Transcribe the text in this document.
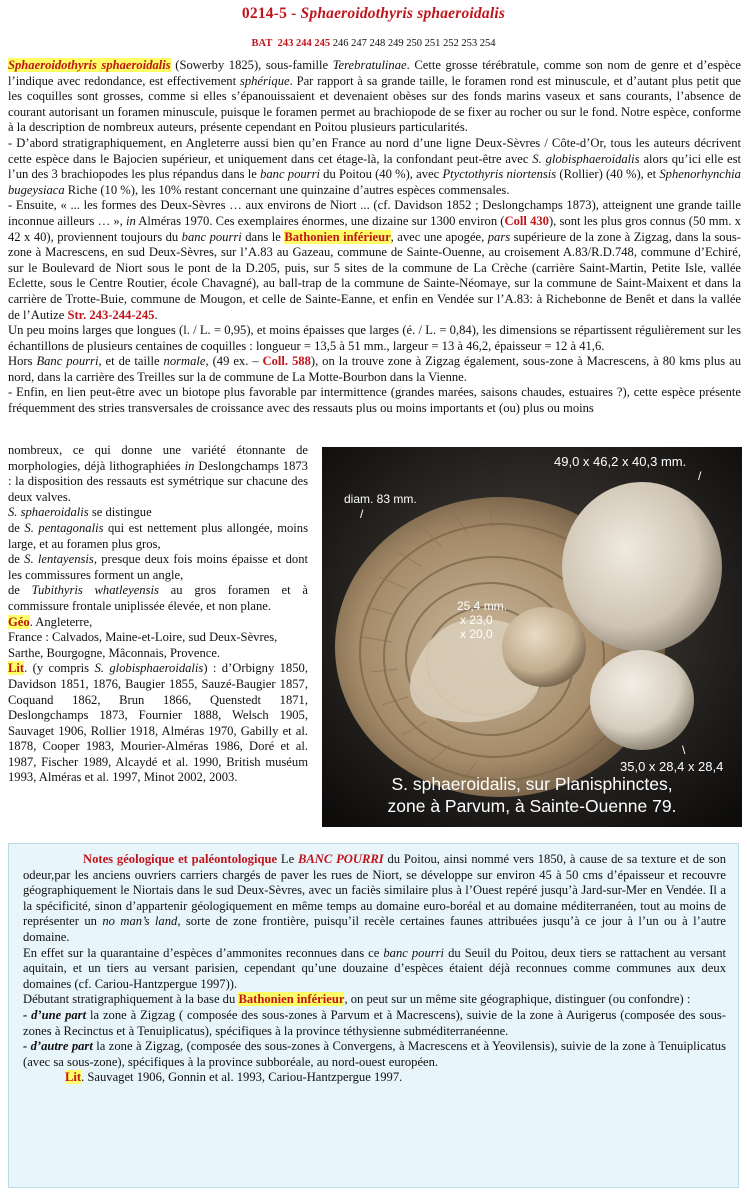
0214-5 - Sphaeroidothyris sphaeroidalis
BAT 243 244 245 246 247 248 249 250 251 252 253 254

Sphaeroidothyris sphaeroidalis (Sowerby 1825), sous-famille Terebratulinae. Cette grosse térébratule, comme son nom de genre et d’espèce l’indique avec redondance, est effectivement sphérique. Par rapport à sa grande taille, le foramen rond est minuscule, et d’autant plus petit que les coquilles sont grosses, comme si elles s’épanouissaient et devenaient obèses sur des fonds marins vaseux et sans courants, l’absence de courant autorisant un foramen minuscule, puisque le foramen permet au brachiopode de se fixer au rocher ou sur le fond. Notre espèce, conforme à la description de nombreux auteurs, présente cependant en Poitou plusieurs particularités.

- D’abord stratigraphiquement, en Angleterre aussi bien qu’en France au nord d’une ligne Deux-Sèvres / Côte-d’Or, tous les auteurs décrivent cette espèce dans le Bajocien supérieur, et uniquement dans cet étage-là, la confondant peut-être avec S. globisphaeroidalis alors qu’ici elle est l’un des 3 brachiopodes les plus répandus dans le banc pourri du Poitou (40 %), avec Ptyctothyris niortensis (Rollier) (40 %), et Sphenorhynchia bugeysiaca Riche (10 %), les 10% restant concernant une quinzaine d’autres espèces commensales.

- Ensuite, « ... les formes des Deux-Sèvres … aux environs de Niort ... (cf. Davidson 1852 ; Deslongchamps 1873), atteignent une grande taille inconnue ailleurs … », in Alméras 1970. Ces exemplaires énormes, une dizaine sur 1300 environ (Coll 430), sont les plus gros connus (50 mm. x 42 x 40), proviennent toujours du banc pourri dans le Bathonien inférieur, avec une apogée, pars supérieure de la zone à Zigzag, dans la sous-zone à Macrescens, en sud Deux-Sèvres, sur l’A.83 au Gazeau, commune de Sainte-Ouenne, au croisement A.83/R.D.748, commune d’Echiré, sur le Boulevard de Niort sous le pont de la D.205, puis, sur 5 sites de la commune de La Crèche (carrière Saint-Martin, Petite Isle, vallée Eclette, sous le Centre Routier, école Chavagné), au ball-trap de la commune de Sainte-Néomaye, sur la commune de Saint-Maixent et dans la carrière de Trotte-Buie, commune de Mougon, et celle de Sainte-Eanne, et enfin en Vendée sur l’A.83: à Richebonne de Benêt et dans la vallée de l’Autize Str. 243-244-245.

Un peu moins larges que longues (l. / L. = 0,95), et moins épaisses que larges (é. / L. = 0,84), les dimensions se répartissent régulièrement sur les échantillons de plusieurs centaines de coquilles : longueur = 13,5 à 51 mm., largeur = 13 à 46,2, épaisseur = 12 à 41,6.

Hors Banc pourri, et de taille normale, (49 ex. – Coll. 588), on la trouve zone à Zigzag également, sous-zone à Macrescens, à 80 kms plus au nord, dans la carrière des Treilles sur la de commune de La Motte-Bourbon dans la Vienne.

- Enfin, en lien peut-être avec un biotope plus favorable par intermittence (grandes marées, saisons chaudes, estuaires ?), cette espèce présente fréquemment des stries transversales de croissance avec des ressauts plus ou moins importants et (ou) plus ou moins

nombreux, ce qui donne une variété étonnante de morphologies, déjà lithographiées in Deslongchamps 1873 : la disposition des ressauts est symétrique sur chacune des deux valves.

S. sphaeroidalis se distingue

de S. pentagonalis qui est nettement plus allongée, moins large, et au foramen plus gros,

de S. lentayensis, presque deux fois moins épaisse et dont les commissures forment un angle,

de Tubithyris whatleyensis au gros foramen et à commissure frontale uniplissée élevée, et non plane.

Géo. Angleterre,

France : Calvados, Maine-et-Loire, sud Deux-Sèvres, Sarthe, Bourgogne, Mâconnais, Provence.

Lit. (y compris S. globisphaeroidalis) : d’Orbigny 1850, Davidson 1851, 1876, Baugier 1855, Sauzé-Baugier 1857, Coquand 1862, Brun 1866, Quenstedt 1871, Deslongchamps 1873, Fournier 1888, Welsch 1905, Sauvaget 1906, Rollier 1918, Alméras 1970, Gabilly et al. 1878, Cooper 1983, Mourier-Alméras 1986, Doré et al. 1987, Fischer 1989, Alcaydé et al. 1990, British muséum 1993, Alméras et al. 1997, Minot 2002, 2003.

49,0 x 46,2 x 40,3 mm.
/
diam. 83 mm.
/
25,4 mm.
x 23,0
x 20,0
\
35,0 x 28,4 x 28,4
S. sphaeroidalis, sur Planisphinctes,
zone à Parvum, à Sainte-Ouenne 79.

Notes géologique et paléontologique Le BANC POURRI du Poitou, ainsi nommé vers 1850, à cause de sa texture et de son odeur,par les anciens ouvriers carriers chargés de paver les rues de Niort, se développe sur environ 45 à 50 cms d’épaisseur et recouvre géographiquement le Niortais dans le sud Deux-Sèvres, avec un faciès similaire plus à l’Ouest repéré jusqu’à Jard-sur-Mer en Vendée. Il a la spécificité, sinon d’appartenir géologiquement en même temps au domaine euro-boréal et au domaine méditerranéen, tout au moins de représenter un no man’s land, sorte de zone frontière, puisqu’il recèle certaines faunes attribuées jusqu’à ce jour à l’un ou à l’autre domaine.

En effet sur la quarantaine d’espèces d’ammonites reconnues dans ce banc pourri du Seuil du Poitou, deux tiers se rattachent au versant aquitain, et un tiers au versant parisien, cependant qu’une douzaine d’espèces étaient déjà reconnues comme communes aux deux domaines (cf. Cariou-Hantzpergue 1997)).

Débutant stratigraphiquement à la base du Bathonien inférieur, on peut sur un même site géographique, distinguer (ou confondre) :

- d’une part la zone à Zigzag ( composée des sous-zones à Parvum et à Macrescens), suivie de la zone à Aurigerus (composée des sous-zones à Recinctus et à Tenuiplicatus), spécifiques à la province téthysienne subméditerranéenne.

- d’autre part la zone à Zigzag, (composée des sous-zones à Convergens, à Macrescens et à Yeovilensis), suivie de la zone à Tenuiplicatus (avec sa sous-zone), spécifiques à la province subboréale, au nord-ouest européen.

Lit. Sauvaget 1906, Gonnin et al. 1993, Cariou-Hantzpergue 1997.
